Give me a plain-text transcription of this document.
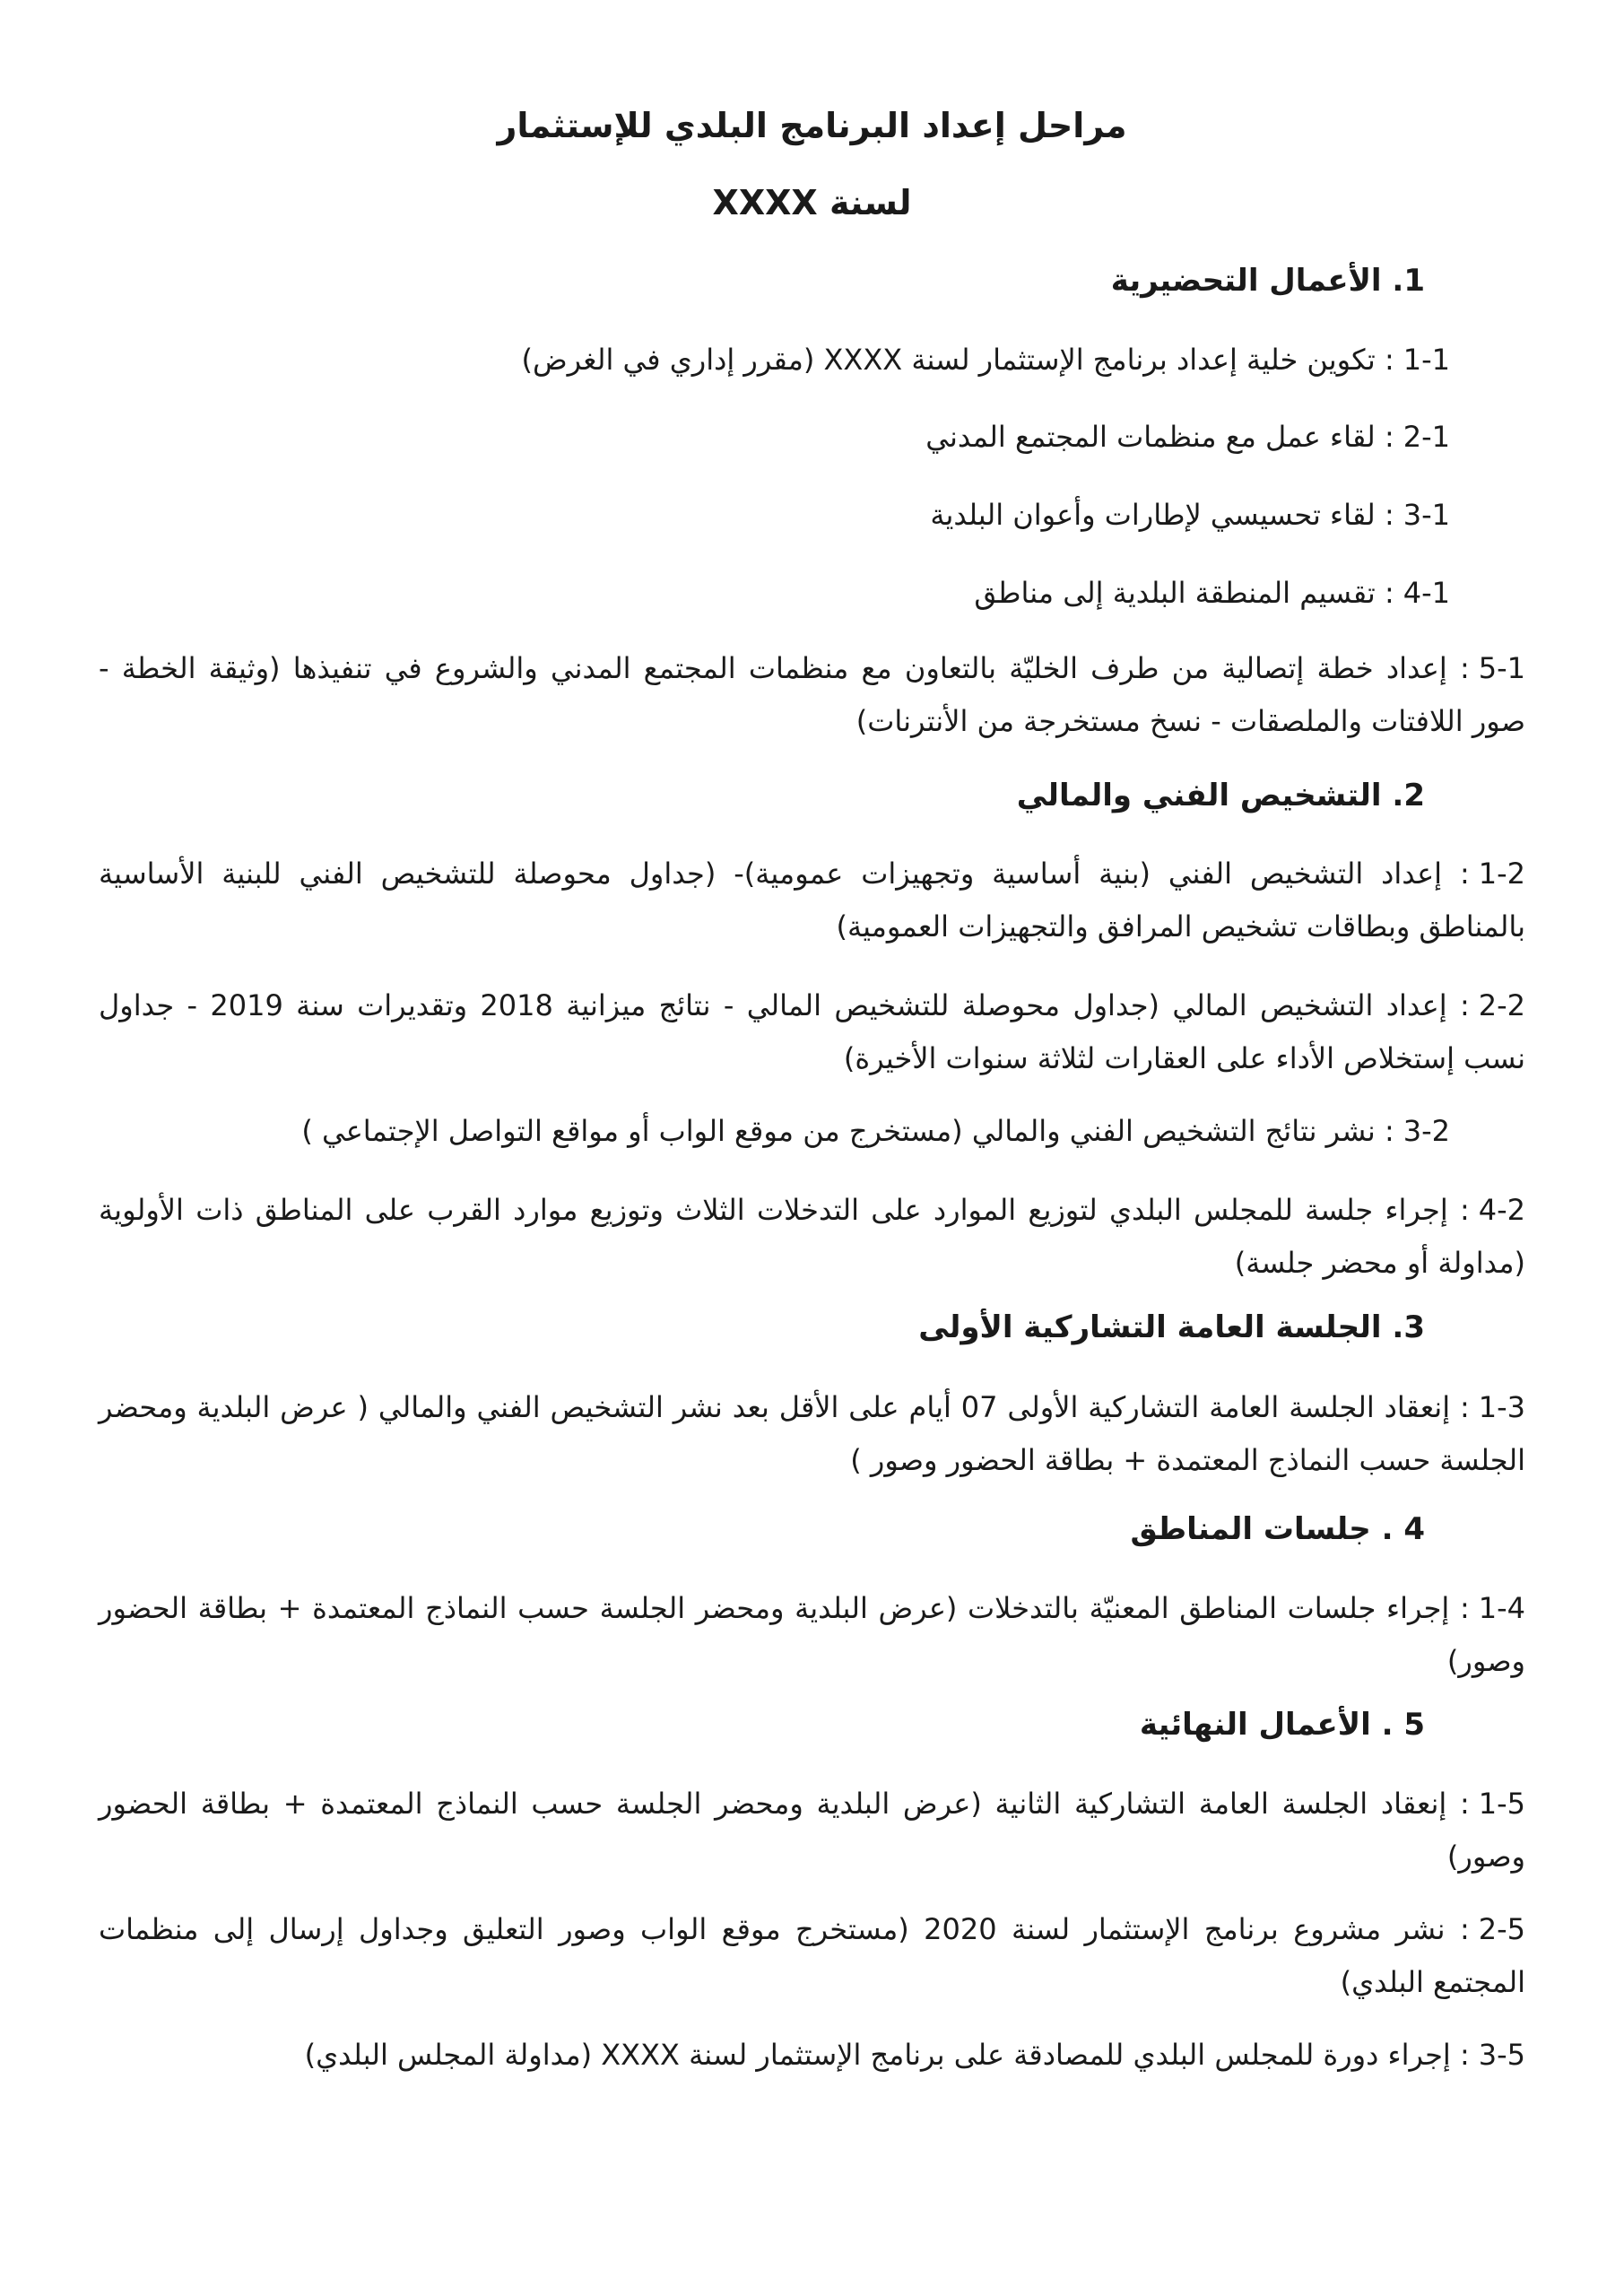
مراحل إعداد البرنامج البلدي للإستثمار
لسنة XXXX
1. الأعمال التحضيرية
1-1: تكوين خلية إعداد برنامج الإستثمار لسنة XXXX (مقرر إداري في الغرض)
2-1: لقاء عمل مع منظمات المجتمع المدني
3-1: لقاء تحسيسي لإطارات وأعوان البلدية
4-1: تقسيم المنطقة البلدية إلى مناطق
5-1: إعداد خطة إتصالية من طرف الخليّة بالتعاون مع منظمات المجتمع المدني والشروع في تنفيذها (وثيقة الخطة - صور اللافتات والملصقات - نسخ مستخرجة من الأنترنات)
2. التشخيص الفني والمالي
1-2: إعداد التشخيص الفني (بنية أساسية وتجهيزات عمومية)- (جداول محوصلة للتشخيص الفني للبنية الأساسية بالمناطق وبطاقات تشخيص المرافق والتجهيزات العمومية)
2-2: إعداد التشخيص المالي (جداول محوصلة للتشخيص المالي - نتائج ميزانية 2018 وتقديرات سنة 2019 - جداول نسب إستخلاص الأداء على العقارات لثلاثة سنوات الأخيرة)
3-2: نشر نتائج التشخيص الفني والمالي (مستخرج من موقع الواب أو مواقع التواصل الإجتماعي )
4-2: إجراء جلسة للمجلس البلدي لتوزيع الموارد على التدخلات الثلاث وتوزيع موارد القرب على المناطق ذات الأولوية (مداولة أو محضر جلسة)
3. الجلسة العامة التشاركية الأولى
1-3: إنعقاد الجلسة العامة التشاركية الأولى 07 أيام على الأقل بعد نشر التشخيص الفني والمالي ( عرض البلدية ومحضر الجلسة حسب النماذج المعتمدة + بطاقة الحضور وصور )
4 . جلسات المناطق
1-4: إجراء جلسات المناطق المعنيّة بالتدخلات (عرض البلدية ومحضر الجلسة حسب النماذج المعتمدة + بطاقة الحضور وصور)
5 . الأعمال النهائية
1-5: إنعقاد الجلسة العامة التشاركية الثانية (عرض البلدية ومحضر الجلسة حسب النماذج المعتمدة + بطاقة الحضور وصور)
2-5: نشر مشروع برنامج الإستثمار لسنة 2020 (مستخرج موقع الواب وصور التعليق وجداول إرسال إلى منظمات المجتمع البلدي)
3-5: إجراء دورة للمجلس البلدي للمصادقة على برنامج الإستثمار لسنة XXXX (مداولة المجلس البلدي)
